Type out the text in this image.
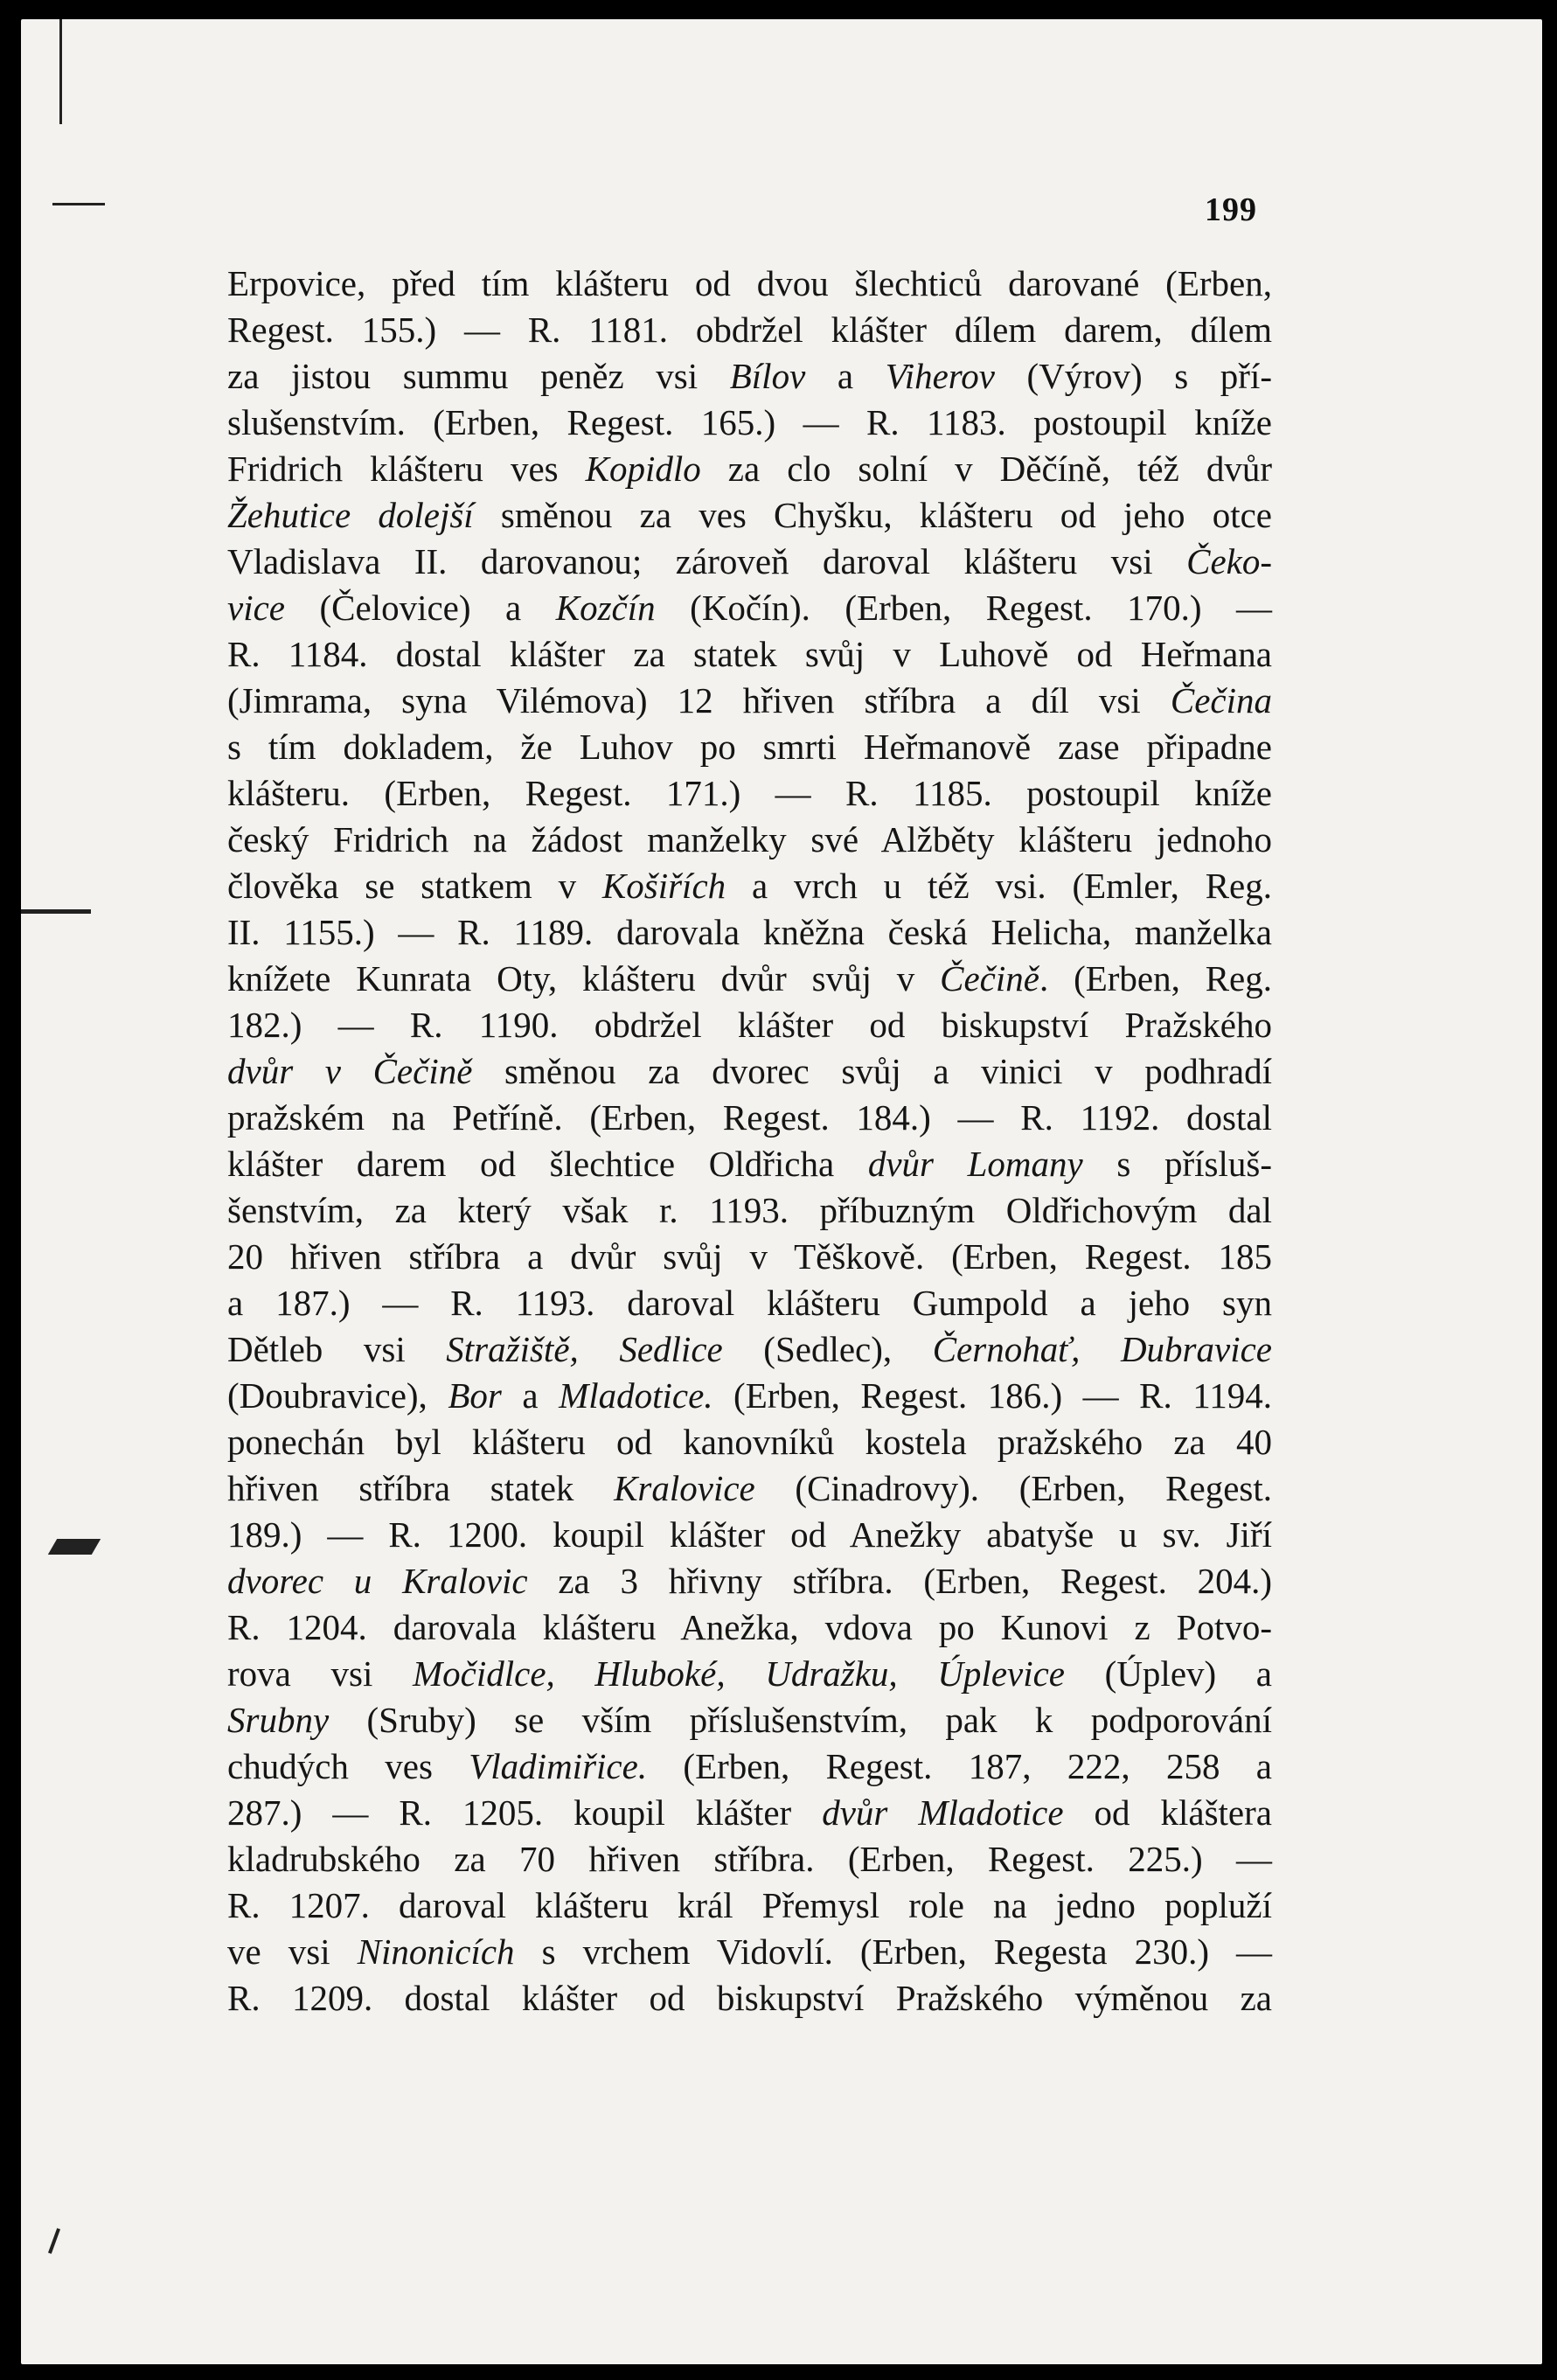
199
Erpovice, před tím klášteru od dvou šlechticů darované (Erben,
Regest. 155.) — R. 1181. obdržel klášter dílem darem, dílem
za jistou summu peněz vsi Bílov a Viherov (Výrov) s pří-
slušenstvím. (Erben, Regest. 165.) — R. 1183. postoupil kníže
Fridrich klášteru ves Kopidlo za clo solní v Děčíně, též dvůr
Žehutice dolejší směnou za ves Chyšku, klášteru od jeho otce
Vladislava II. darovanou; zároveň daroval klášteru vsi Čeko-
vice (Čelovice) a Kozčín (Kočín). (Erben, Regest. 170.) —
R. 1184. dostal klášter za statek svůj v Luhově od Heřmana
(Jimrama, syna Vilémova) 12 hřiven stříbra a díl vsi Čečina
s tím dokladem, že Luhov po smrti Heřmanově zase připadne
klášteru. (Erben, Regest. 171.) — R. 1185. postoupil kníže
český Fridrich na žádost manželky své Alžběty klášteru jednoho
člověka se statkem v Košiřích a vrch u též vsi. (Emler, Reg.
II. 1155.) — R. 1189. darovala kněžna česká Helicha, manželka
knížete Kunrata Oty, klášteru dvůr svůj v Čečině. (Erben, Reg.
182.) — R. 1190. obdržel klášter od biskupství Pražského
dvůr v Čečině směnou za dvorec svůj a vinici v podhradí
pražském na Petříně. (Erben, Regest. 184.) — R. 1192. dostal
klášter darem od šlechtice Oldřicha dvůr Lomany s přísluš-
šenstvím, za který však r. 1193. příbuzným Oldřichovým dal
20 hřiven stříbra a dvůr svůj v Těškově. (Erben, Regest. 185
a 187.) — R. 1193. daroval klášteru Gumpold a jeho syn
Dětleb vsi Stražiště, Sedlice (Sedlec), Černohať, Dubravice
(Doubravice), Bor a Mladotice. (Erben, Regest. 186.) — R. 1194.
ponechán byl klášteru od kanovníků kostela pražského za 40
hřiven stříbra statek Kralovice (Cinadrovy). (Erben, Regest.
189.) — R. 1200. koupil klášter od Anežky abatyše u sv. Jiří
dvorec u Kralovic za 3 hřivny stříbra. (Erben, Regest. 204.)
R. 1204. darovala klášteru Anežka, vdova po Kunovi z Potvo-
rova vsi Močidlce, Hluboké, Udražku, Úplevice (Úplev) a
Srubny (Sruby) se vším příslušenstvím, pak k podporování
chudých ves Vladimiřice. (Erben, Regest. 187, 222, 258 a
287.) — R. 1205. koupil klášter dvůr Mladotice od kláštera
kladrubského za 70 hřiven stříbra. (Erben, Regest. 225.) —
R. 1207. daroval klášteru král Přemysl role na jedno popluží
ve vsi Ninonicích s vrchem Vidovlí. (Erben, Regesta 230.) —
R. 1209. dostal klášter od biskupství Pražského výměnou za
